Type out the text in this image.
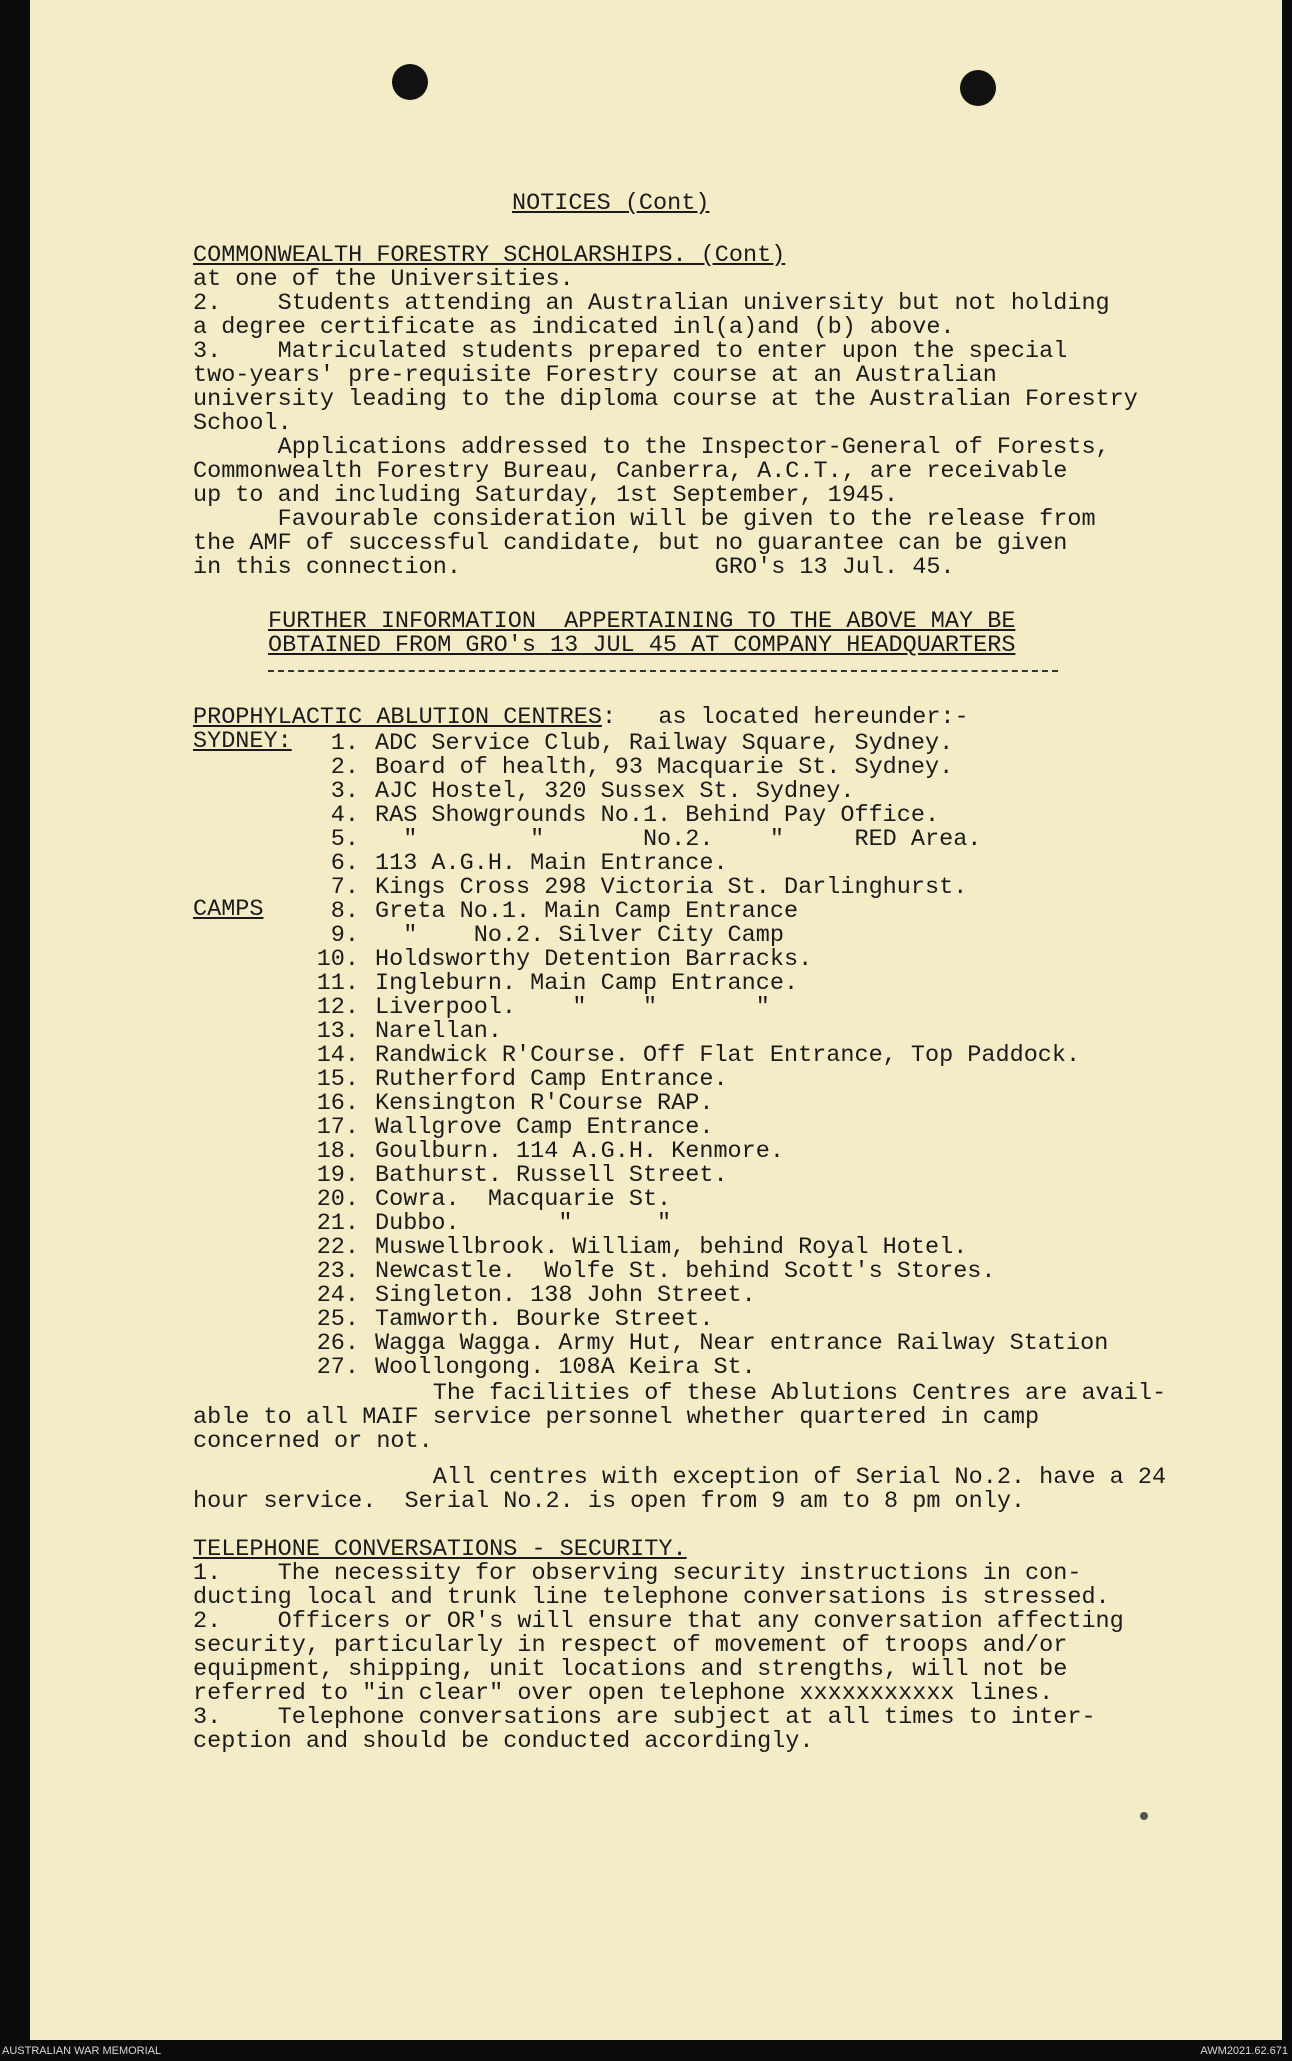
NOTICES (Cont)
COMMONWEALTH FORESTRY SCHOLARSHIPS. (Cont)
at one of the Universities.
2.    Students attending an Australian university but not holding
a degree certificate as indicated inl(a)and (b) above.
3.    Matriculated students prepared to enter upon the special
two-years' pre-requisite Forestry course at an Australian
university leading to the diploma course at the Australian Forestry
School.
Applications addressed to the Inspector-General of Forests,
Commonwealth Forestry Bureau, Canberra, A.C.T., are receivable
up to and including Saturday, 1st September, 1945.
Favourable consideration will be given to the release from
the AMF of successful candidate, but no guarantee can be given
in this connection.                  GRO's 13 Jul. 45.
FURTHER INFORMATION  APPERTAINING TO THE ABOVE MAY BE
OBTAINED FROM GRO's 13 JUL 45 AT COMPANY HEADQUARTERS
PROPHYLACTIC ABLUTION CENTRES:   as located hereunder:-
SYDNEY:
CAMPS
1. ADC Service Club, Railway Square, Sydney.
2. Board of health, 93 Macquarie St. Sydney.
3. AJC Hostel, 320 Sussex St. Sydney.
4. RAS Showgrounds No.1. Behind Pay Office.
5. "        "       No.2.    "     RED Area.
6. 113 A.G.H. Main Entrance.
7. Kings Cross 298 Victoria St. Darlinghurst.
8. Greta No.1. Main Camp Entrance
9. "    No.2. Silver City Camp
10. Holdsworthy Detention Barracks.
11. Ingleburn. Main Camp Entrance.
12. Liverpool.    "    "       "
13. Narellan.
14. Randwick R'Course. Off Flat Entrance, Top Paddock.
15. Rutherford Camp Entrance.
16. Kensington R'Course RAP.
17. Wallgrove Camp Entrance.
18. Goulburn. 114 A.G.H. Kenmore.
19. Bathurst. Russell Street.
20. Cowra.  Macquarie St.
21. Dubbo.       "      "
22. Muswellbrook. William, behind Royal Hotel.
23. Newcastle.  Wolfe St. behind Scott's Stores.
24. Singleton. 138 John Street.
25. Tamworth. Bourke Street.
26. Wagga Wagga. Army Hut, Near entrance Railway Station
27. Woollongong. 108A Keira St.
The facilities of these Ablutions Centres are avail-
able to all MAIF service personnel whether quartered in camp
concerned or not.
All centres with exception of Serial No.2. have a 24
hour service.  Serial No.2. is open from 9 am to 8 pm only.
TELEPHONE CONVERSATIONS - SECURITY.
1.    The necessity for observing security instructions in con-
ducting local and trunk line telephone conversations is stressed.
2.    Officers or OR's will ensure that any conversation affecting
security, particularly in respect of movement of troops and/or
equipment, shipping, unit locations and strengths, will not be
referred to "in clear" over open telephone xxxxxxxxxxx lines.
3.    Telephone conversations are subject at all times to inter-
ception and should be conducted accordingly.
AUSTRALIAN WAR MEMORIAL	AWM2021.62.671
